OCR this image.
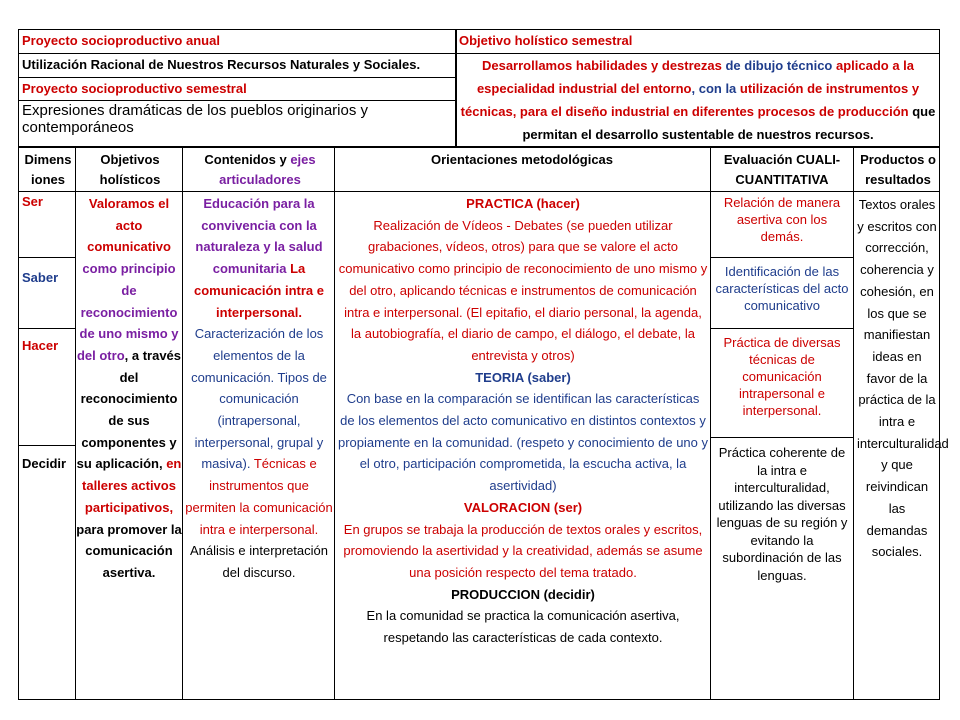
Proyecto socioproductivo anual
Utilización Racional de Nuestros Recursos Naturales y Sociales.
Proyecto socioproductivo semestral
Expresiones dramáticas de los pueblos originarios y contemporáneos
Objetivo holístico semestral
Desarrollamos habilidades y destrezas de dibujo técnico aplicado a la especialidad industrial del entorno, con la utilización de instrumentos y técnicas, para el diseño industrial en diferentes procesos de producción que permitan el desarrollo sustentable de nuestros recursos.
Dimens iones
Objetivos holísticos
Contenidos y ejes articuladores
Orientaciones metodológicas	Evaluación CUALI-CUANTITATIVA
Productos o resultados
Ser
Saber
Hacer
Decidir
Valoramos el acto comunicativo como principio de reconocimiento de uno mismo y del otro, a través del reconocimiento de sus componentes y su aplicación, en talleres activos participativos, para promover la comunicación asertiva.
Educación para la convivencia con la naturaleza y la salud comunitaria La comunicación intra e interpersonal. Caracterización de los elementos de la comunicación. Tipos de comunicación (intrapersonal, interpersonal, grupal y masiva). Técnicas e instrumentos que permiten la comunicación intra e interpersonal. Análisis e interpretación del discurso.
PRACTICA (hacer)
Realización de Vídeos - Debates (se pueden utilizar grabaciones, vídeos, otros) para que se valore el acto comunicativo como principio de reconocimiento de uno mismo y del otro, aplicando técnicas e instrumentos de comunicación intra e interpersonal. (El epitafio, el diario personal, la agenda, la autobiografía, el diario de campo, el diálogo, el debate, la entrevista y otros)
TEORIA (saber)
Con base en la comparación se identifican las características de los elementos del acto comunicativo en distintos contextos y propiamente en la comunidad. (respeto y conocimiento de uno y el otro, participación comprometida, la escucha activa, la asertividad)
VALORACION (ser)
En grupos se trabaja la producción de textos orales y escritos, promoviendo la asertividad y la creatividad, además se asume una posición respecto del tema tratado.
PRODUCCION (decidir)
En la comunidad se practica la comunicación asertiva, respetando las características de cada contexto.
Relación de manera asertiva con los demás.
Identificación de las características del acto comunicativo
Práctica de diversas técnicas de comunicación intrapersonal e interpersonal.
Práctica coherente de la intra e interculturalidad, utilizando las diversas lenguas de su región y evitando la subordinación de las lenguas.
Textos orales y escritos con corrección, coherencia y cohesión, en los que se manifiestan ideas en favor de la práctica de la intra e interculturalidad y que reivindican las demandas sociales.
